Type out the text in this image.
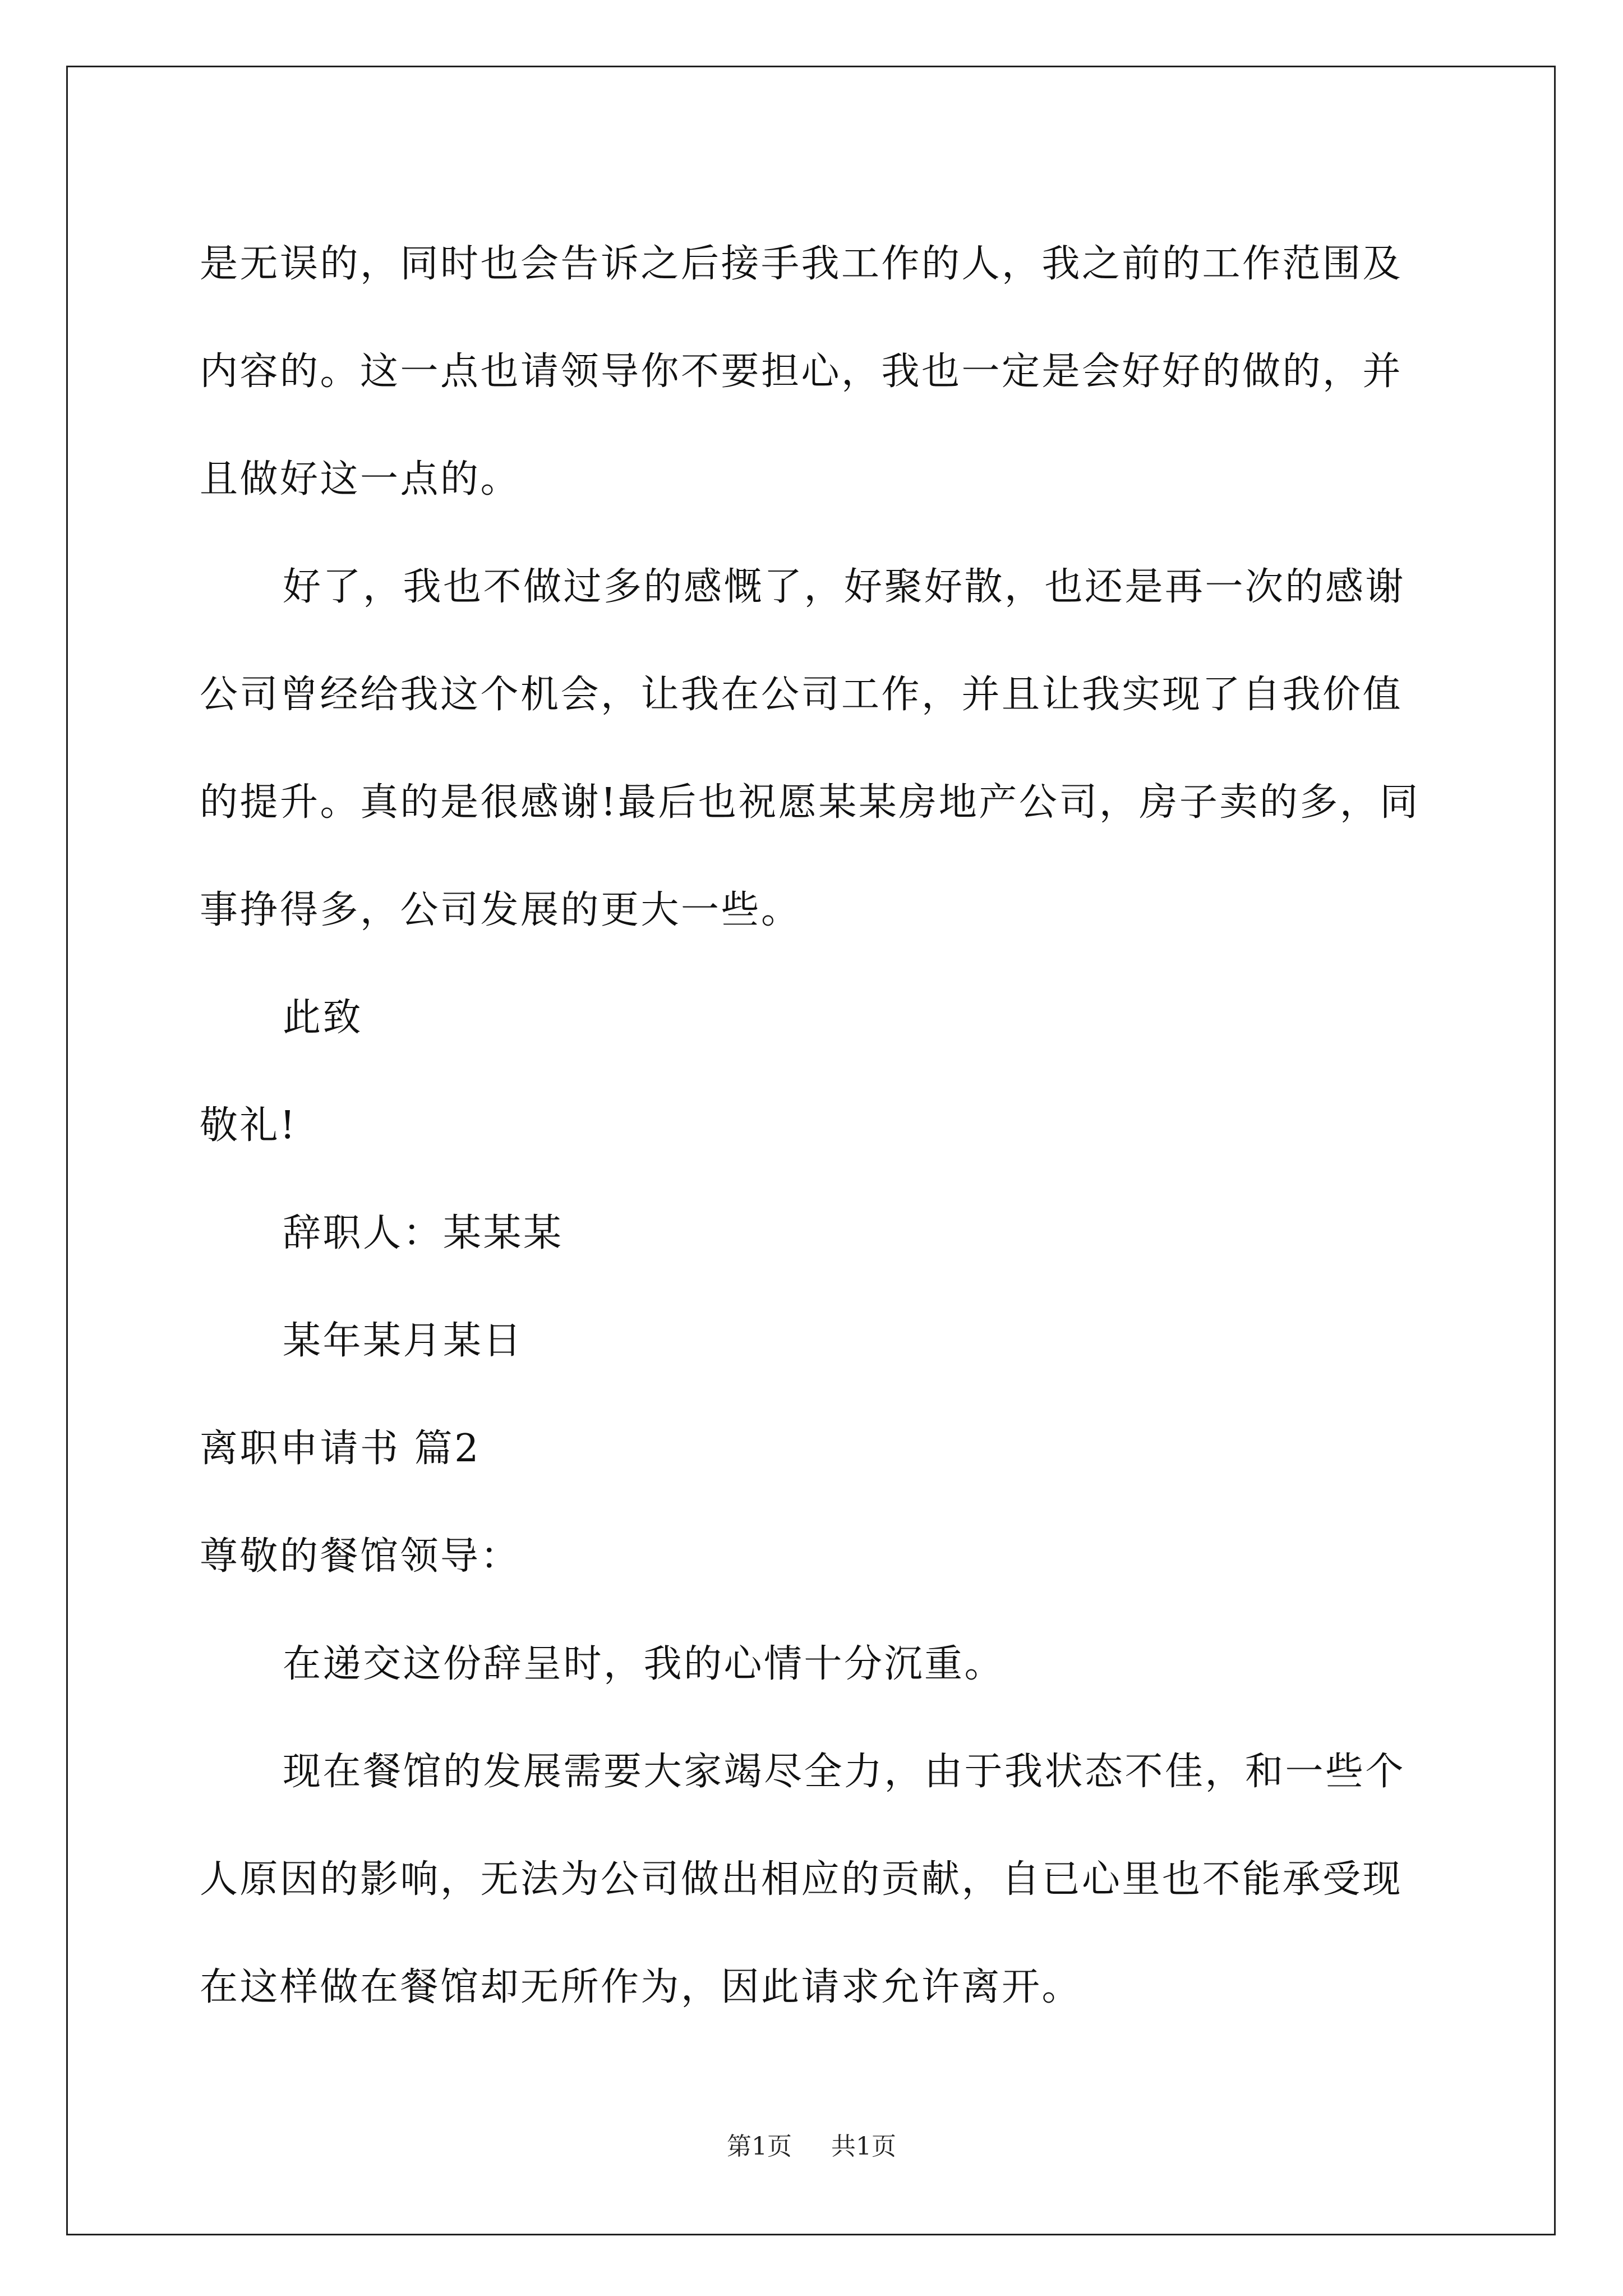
是无误的，同时也会告诉之后接手我工作的人，我之前的工作范围及内容的。这一点也请领导你不要担心，我也一定是会好好的做的，并且做好这一点的。

好了，我也不做过多的感慨了，好聚好散，也还是再一次的感谢公司曾经给我这个机会，让我在公司工作，并且让我实现了自我价值的提升。真的是很感谢!最后也祝愿某某房地产公司，房子卖的多，同事挣得多，公司发展的更大一些。

此致

敬礼!

辞职人：某某某

某年某月某日

离职申请书 篇2

尊敬的餐馆领导：

在递交这份辞呈时，我的心情十分沉重。

现在餐馆的发展需要大家竭尽全力，由于我状态不佳，和一些个人原因的影响，无法为公司做出相应的贡献，自已心里也不能承受现在这样做在餐馆却无所作为，因此请求允许离开。

第1页 共1页
